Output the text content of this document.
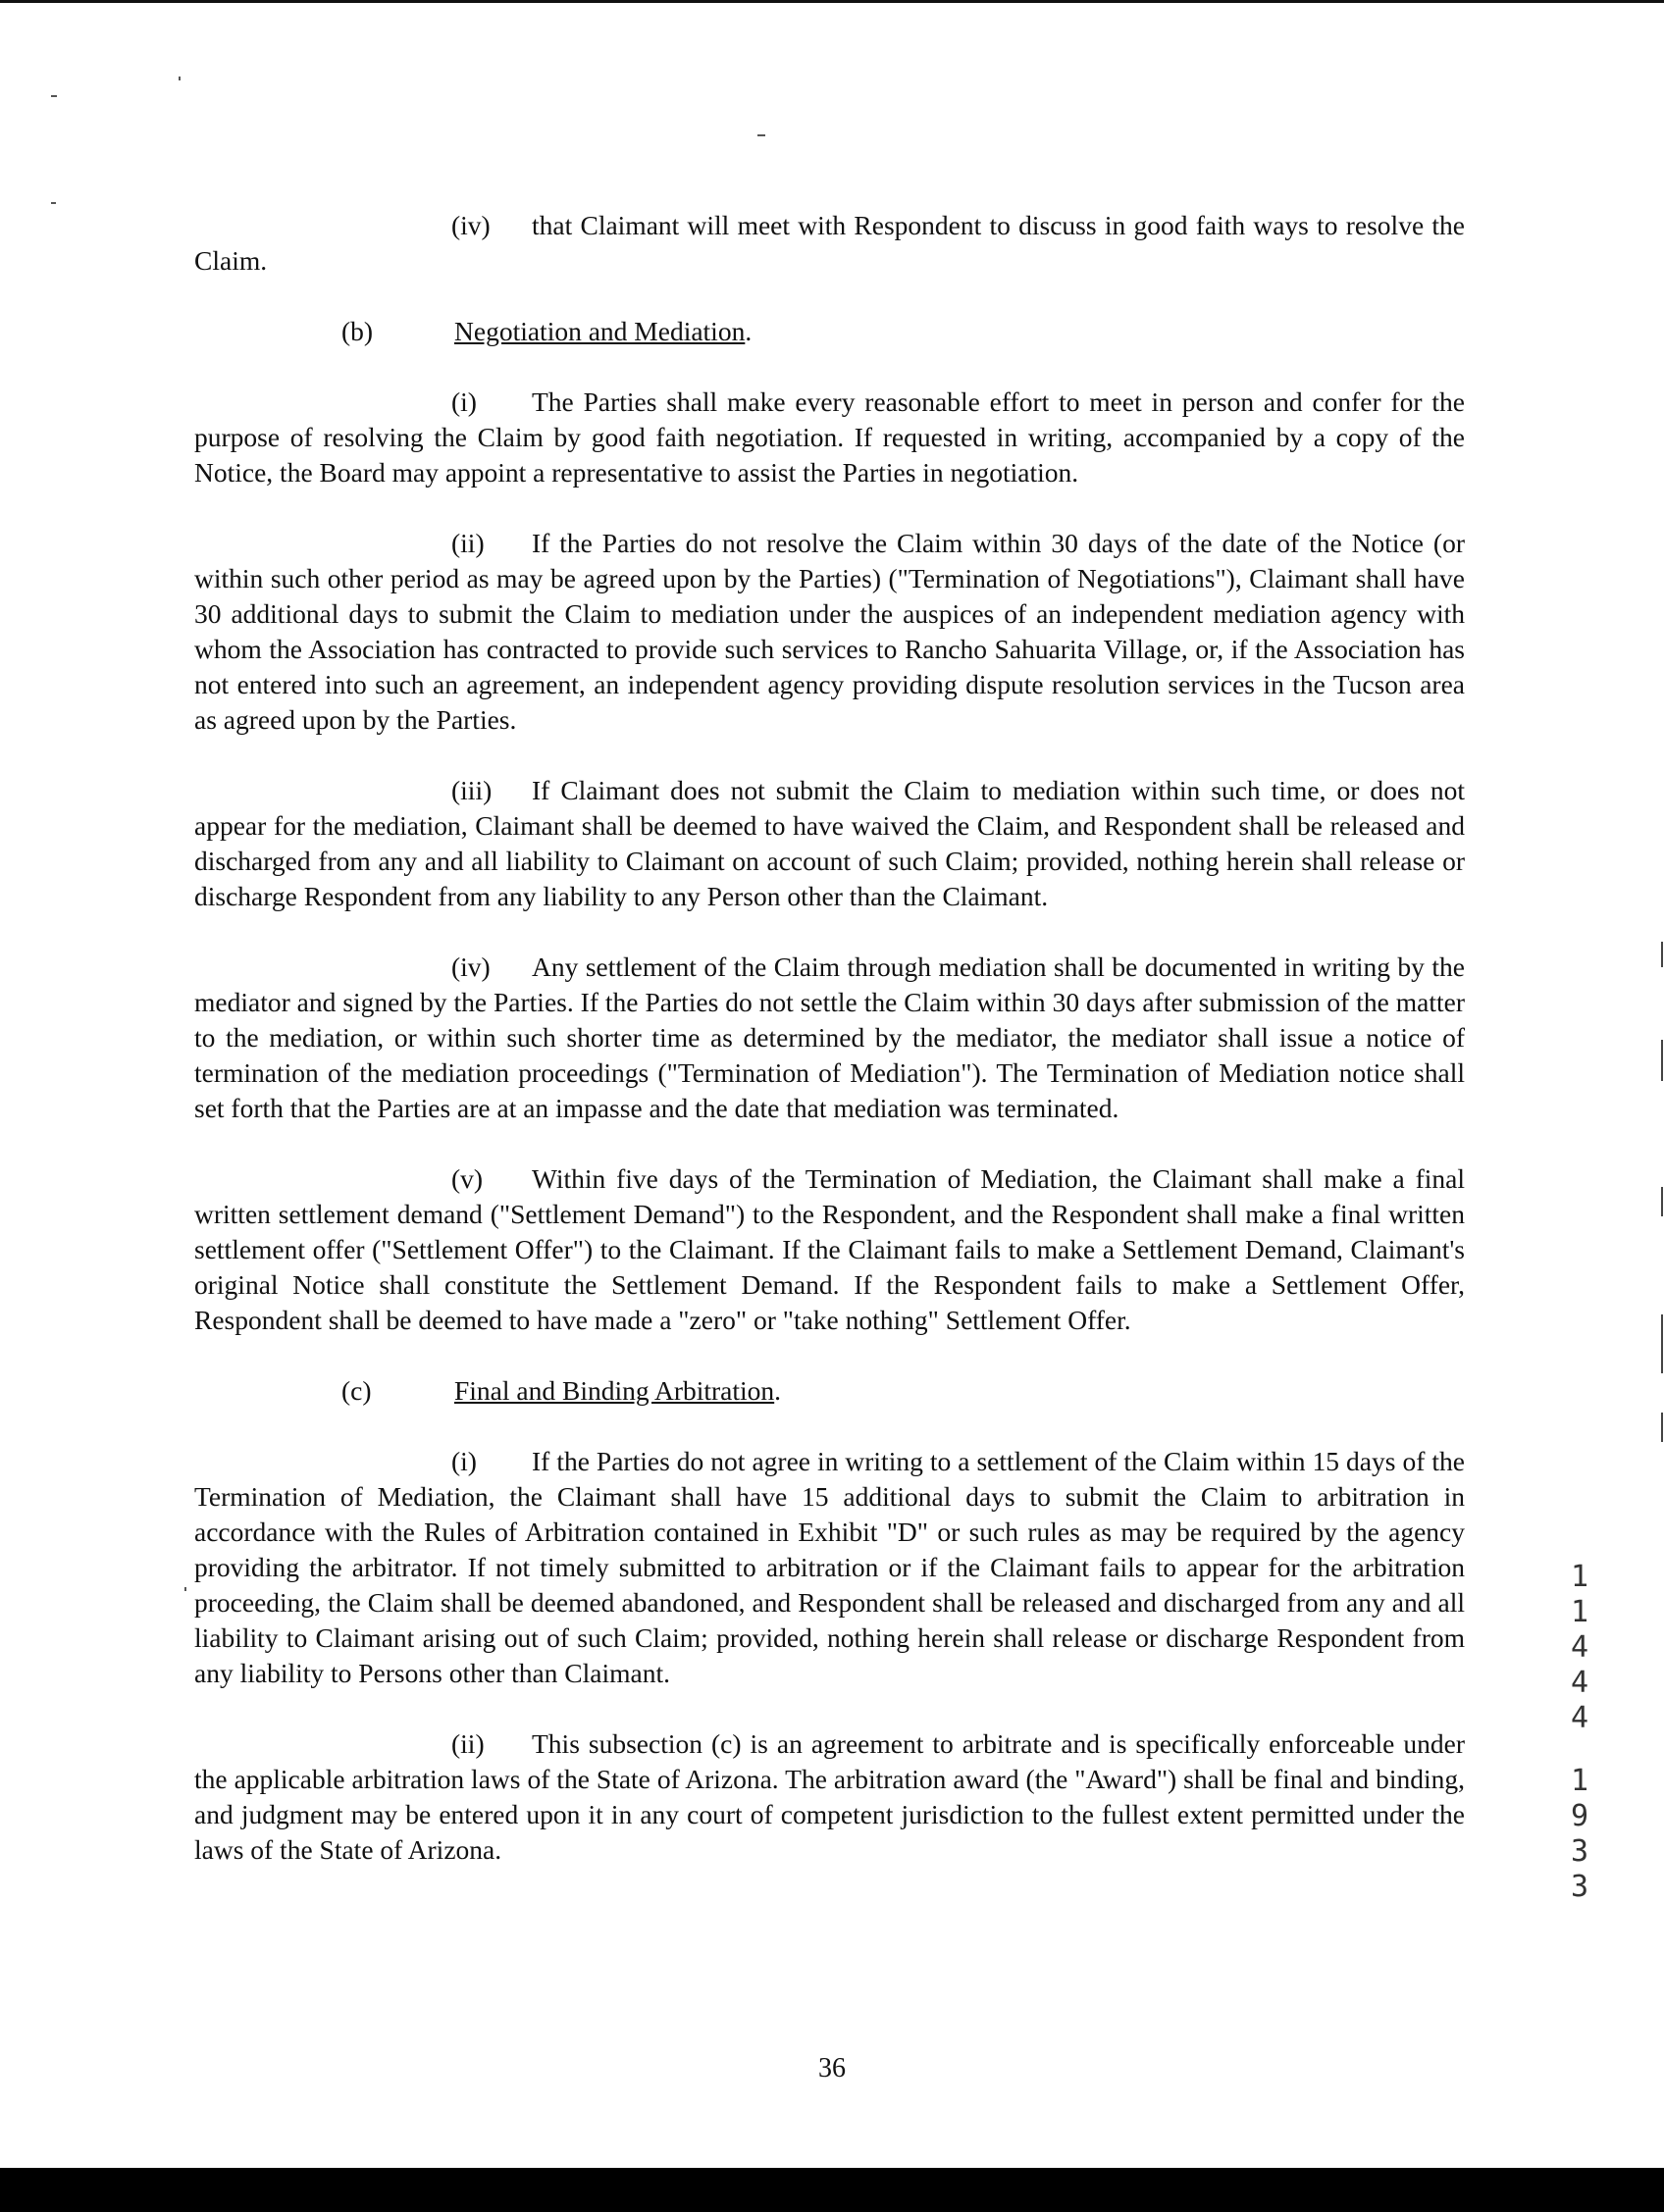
(iv) that Claimant will meet with Respondent to discuss in good faith ways to resolve the Claim.

(b)	Negotiation and Mediation.

(i) The Parties shall make every reasonable effort to meet in person and confer for the purpose of resolving the Claim by good faith negotiation. If requested in writing, accompanied by a copy of the Notice, the Board may appoint a representative to assist the Parties in negotiation.

(ii) If the Parties do not resolve the Claim within 30 days of the date of the Notice (or within such other period as may be agreed upon by the Parties) ("Termination of Negotiations"), Claimant shall have 30 additional days to submit the Claim to mediation under the auspices of an independent mediation agency with whom the Association has contracted to provide such services to Rancho Sahuarita Village, or, if the Association has not entered into such an agreement, an independent agency providing dispute resolution services in the Tucson area as agreed upon by the Parties.

(iii) If Claimant does not submit the Claim to mediation within such time, or does not appear for the mediation, Claimant shall be deemed to have waived the Claim, and Respondent shall be released and discharged from any and all liability to Claimant on account of such Claim; provided, nothing herein shall release or discharge Respondent from any liability to any Person other than the Claimant.

(iv) Any settlement of the Claim through mediation shall be documented in writing by the mediator and signed by the Parties. If the Parties do not settle the Claim within 30 days after submission of the matter to the mediation, or within such shorter time as determined by the mediator, the mediator shall issue a notice of termination of the mediation proceedings ("Termination of Mediation"). The Termination of Mediation notice shall set forth that the Parties are at an impasse and the date that mediation was terminated.

(v) Within five days of the Termination of Mediation, the Claimant shall make a final written settlement demand ("Settlement Demand") to the Respondent, and the Respondent shall make a final written settlement offer ("Settlement Offer") to the Claimant. If the Claimant fails to make a Settlement Demand, Claimant's original Notice shall constitute the Settlement Demand. If the Respondent fails to make a Settlement Offer, Respondent shall be deemed to have made a "zero" or "take nothing" Settlement Offer.

(c)	Final and Binding Arbitration.

(i) If the Parties do not agree in writing to a settlement of the Claim within 15 days of the Termination of Mediation, the Claimant shall have 15 additional days to submit the Claim to arbitration in accordance with the Rules of Arbitration contained in Exhibit "D" or such rules as may be required by the agency providing the arbitrator. If not timely submitted to arbitration or if the Claimant fails to appear for the arbitration proceeding, the Claim shall be deemed abandoned, and Respondent shall be released and discharged from any and all liability to Claimant arising out of such Claim; provided, nothing herein shall release or discharge Respondent from any liability to Persons other than Claimant.

(ii) This subsection (c) is an agreement to arbitrate and is specifically enforceable under the applicable arbitration laws of the State of Arizona. The arbitration award (the "Award") shall be final and binding, and judgment may be entered upon it in any court of competent jurisdiction to the fullest extent permitted under the laws of the State of Arizona.

1
1
4
4
4
1
9
3
3
36
